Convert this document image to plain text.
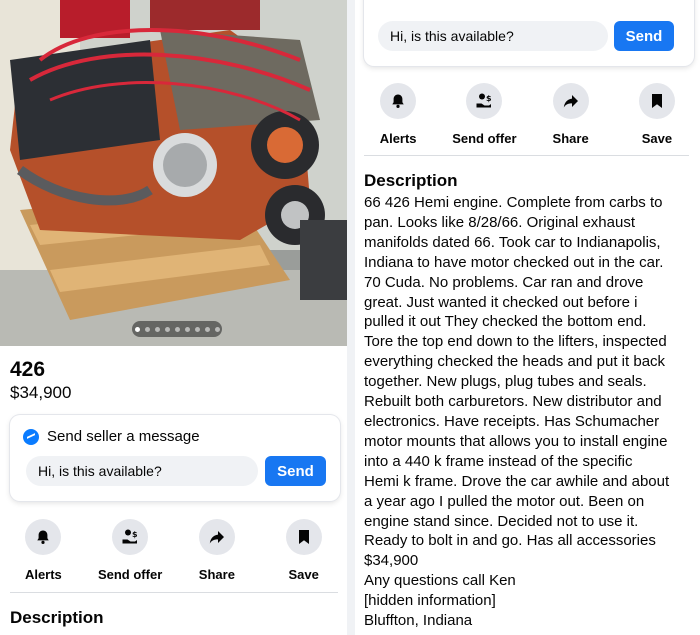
426
$34,900
Send seller a message
Hi, is this available?
Send
Alerts
$
Send offer	Share	Save
Description
Hi, is this available?
Send
Alerts
$
Send offer	Share	Save
Description
66 426 Hemi engine. Complete from carbs to
pan. Looks like 8/28/66. Original exhaust
manifolds dated 66. Took car to Indianapolis,
Indiana to have motor checked out in the car.
70 Cuda. No problems. Car ran and drove
great. Just wanted it checked out before i
pulled it out They checked the bottom end.
Tore the top end down to the lifters, inspected
everything checked the heads and put it back
together. New plugs, plug tubes and seals.
Rebuilt both carburetors. New distributor and
electronics. Have receipts. Has Schumacher
motor mounts that allows you to install engine
into a 440 k frame instead of the specific
Hemi k frame. Drove the car awhile and about
a year ago I pulled the motor out. Been on
engine stand since. Decided not to use it.
Ready to bolt in and go. Has all accessories
$34,900
Any questions call Ken
[hidden information]
Bluffton, Indiana
